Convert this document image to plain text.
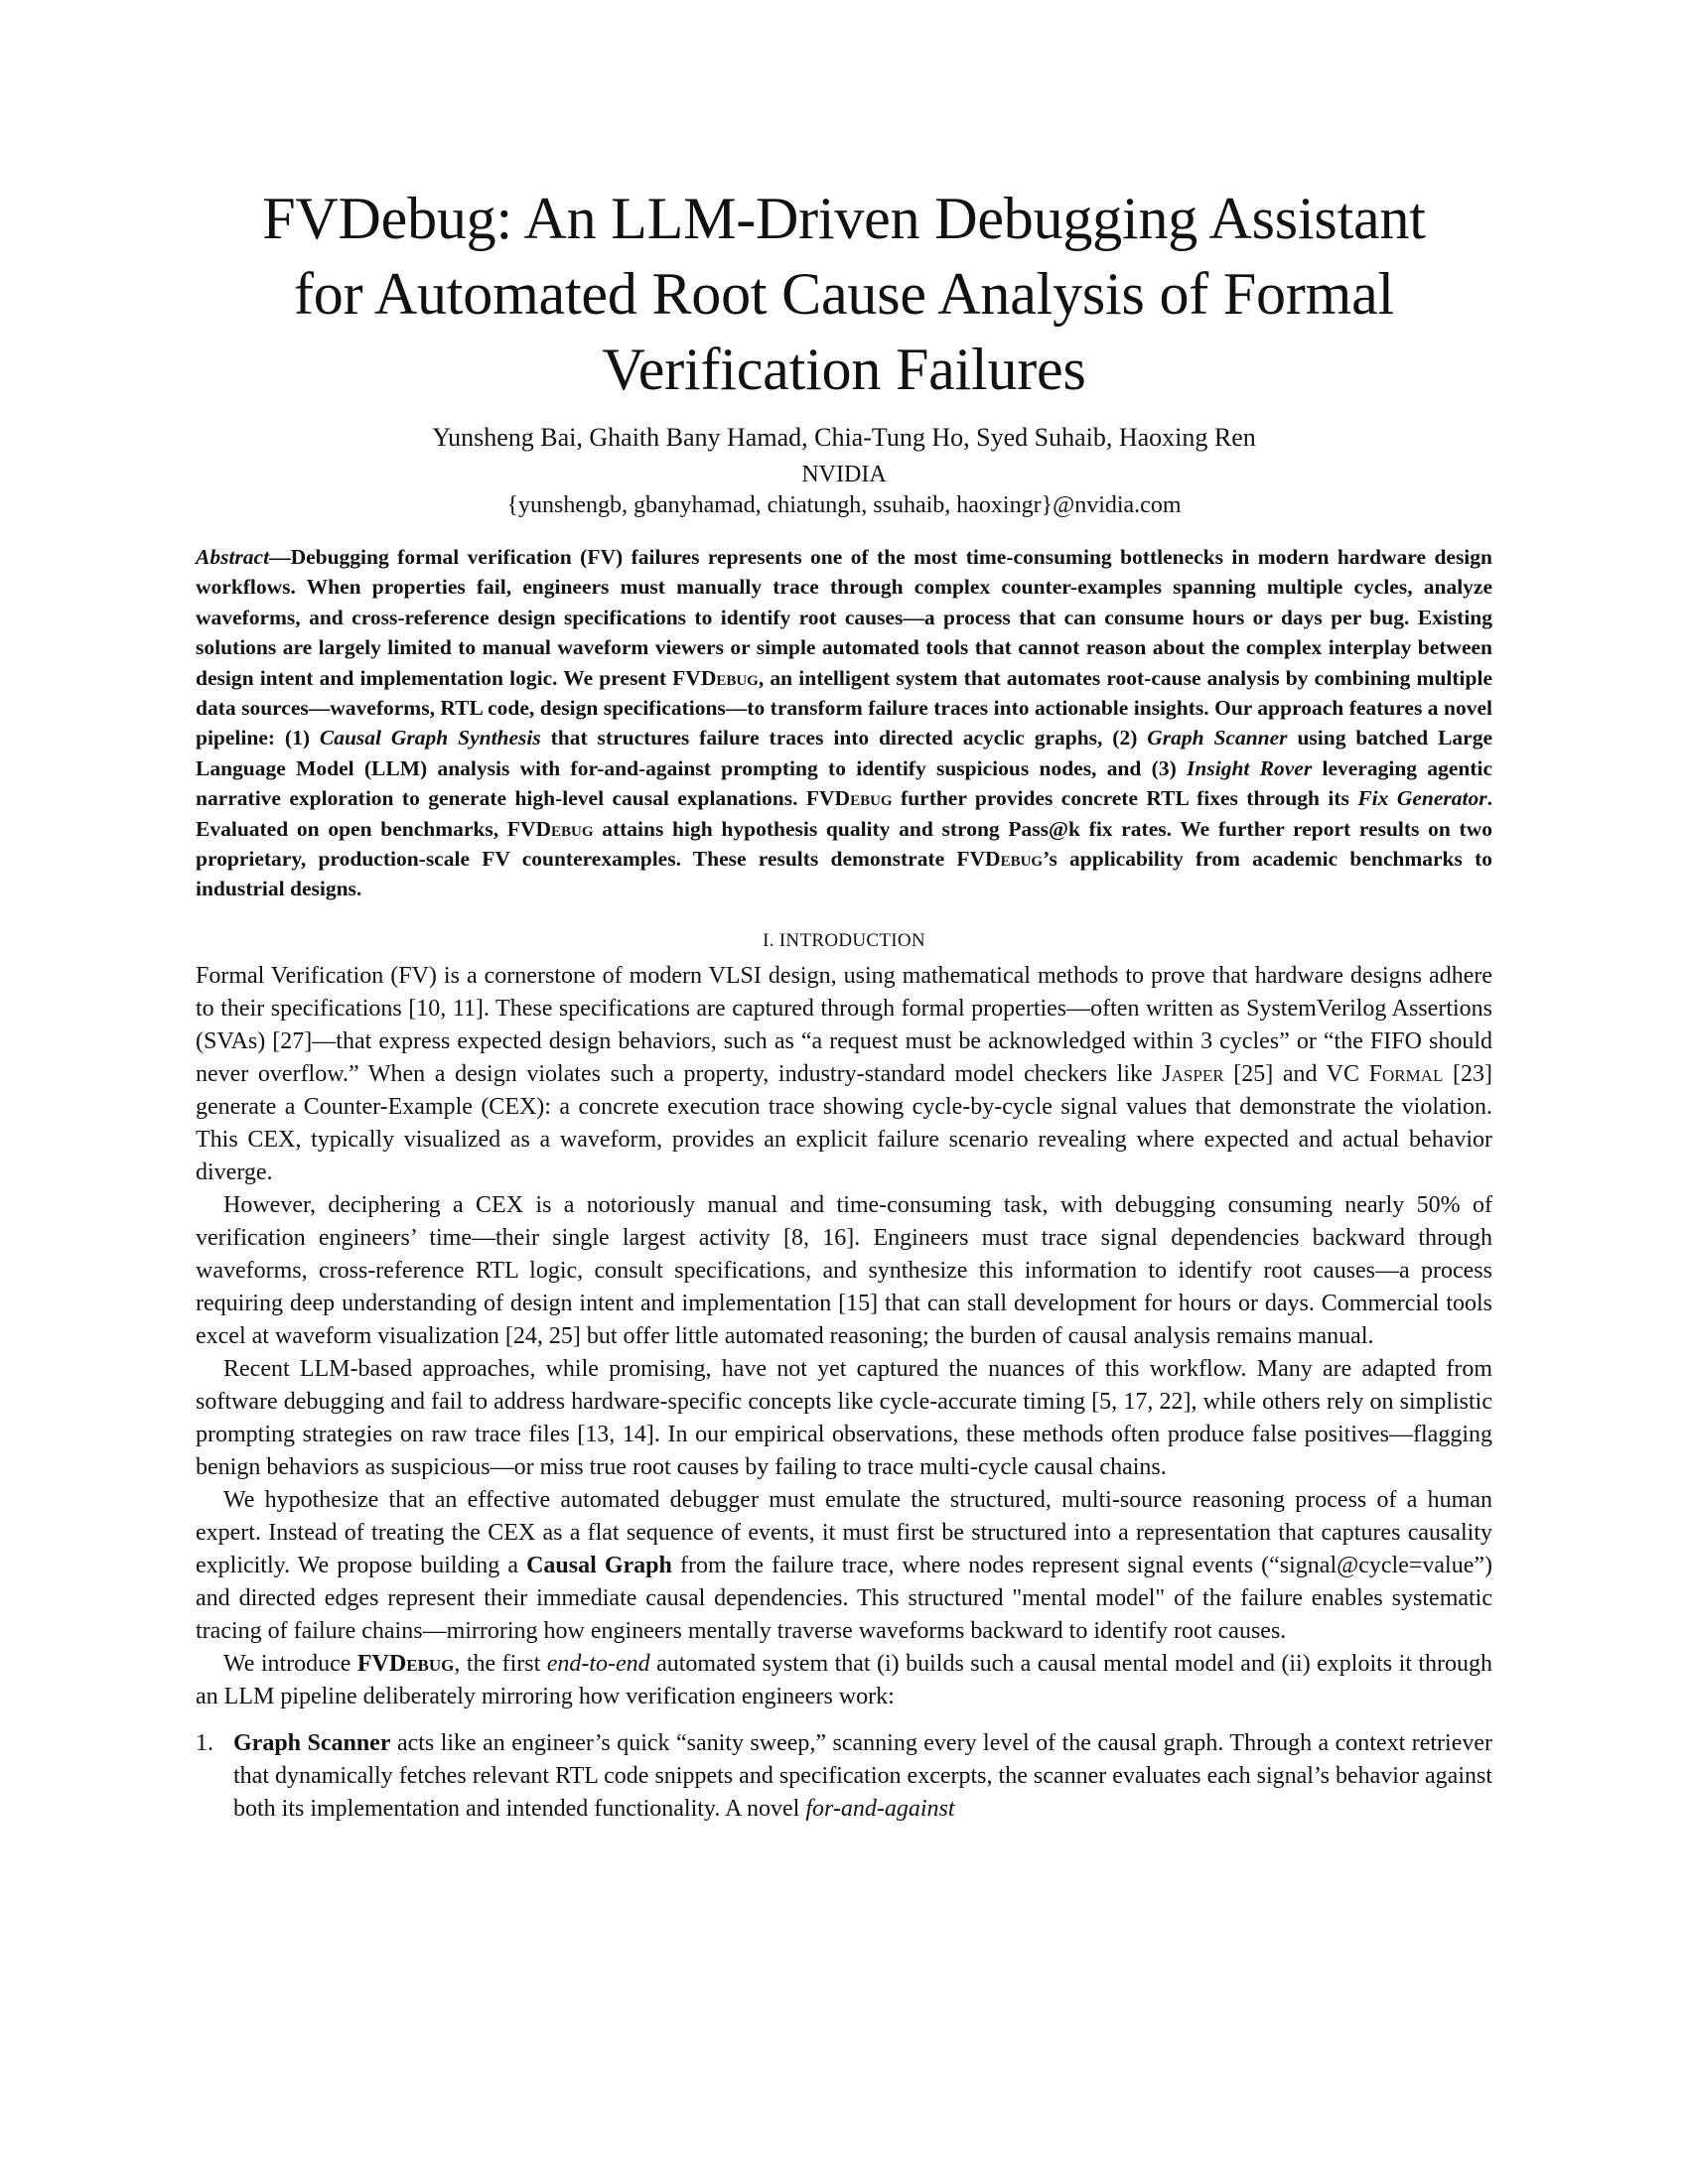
FVDebug: An LLM-Driven Debugging Assistant
for Automated Root Cause Analysis of Formal
Verification Failures
Yunsheng Bai, Ghaith Bany Hamad, Chia-Tung Ho, Syed Suhaib, Haoxing Ren
NVIDIA
{yunshengb, gbanyhamad, chiatungh, ssuhaib, haoxingr}@nvidia.com
Abstract—Debugging formal verification (FV) failures represents one of the most time-consuming bottlenecks in modern hardware design workflows. When properties fail, engineers must manually trace through complex counter-examples spanning multiple cycles, analyze waveforms, and cross-reference design specifications to identify root causes—a process that can consume hours or days per bug. Existing solutions are largely limited to manual waveform viewers or simple automated tools that cannot reason about the complex interplay between design intent and implementation logic. We present FVDebug, an intelligent system that automates root-cause analysis by combining multiple data sources—waveforms, RTL code, design specifications—to transform failure traces into actionable insights. Our approach features a novel pipeline: (1) Causal Graph Synthesis that structures failure traces into directed acyclic graphs, (2) Graph Scanner using batched Large Language Model (LLM) analysis with for-and-against prompting to identify suspicious nodes, and (3) Insight Rover leveraging agentic narrative exploration to generate high-level causal explanations. FVDebug further provides concrete RTL fixes through its Fix Generator. Evaluated on open benchmarks, FVDebug attains high hypothesis quality and strong Pass@k fix rates. We further report results on two proprietary, production-scale FV counterexamples. These results demonstrate FVDebug’s applicability from academic benchmarks to industrial designs.
I. INTRODUCTION

Formal Verification (FV) is a cornerstone of modern VLSI design, using mathematical methods to prove that hardware designs adhere to their specifications [10, 11]. These specifications are captured through formal properties—often written as SystemVerilog Assertions (SVAs) [27]—that express expected design behaviors, such as “a request must be acknowledged within 3 cycles” or “the FIFO should never overflow.” When a design violates such a property, industry-standard model checkers like Jasper [25] and VC Formal [23] generate a Counter-Example (CEX): a concrete execution trace showing cycle-by-cycle signal values that demonstrate the violation. This CEX, typically visualized as a waveform, provides an explicit failure scenario revealing where expected and actual behavior diverge.

However, deciphering a CEX is a notoriously manual and time-consuming task, with debugging consuming nearly 50% of verification engineers’ time—their single largest activity [8, 16]. Engineers must trace signal dependencies backward through waveforms, cross-reference RTL logic, consult specifications, and synthesize this information to identify root causes—a process requiring deep understanding of design intent and implementation [15] that can stall development for hours or days. Commercial tools excel at waveform visualization [24, 25] but offer little automated reasoning; the burden of causal analysis remains manual.

Recent LLM-based approaches, while promising, have not yet captured the nuances of this workflow. Many are adapted from software debugging and fail to address hardware-specific concepts like cycle-accurate timing [5, 17, 22], while others rely on simplistic prompting strategies on raw trace files [13, 14]. In our empirical observations, these methods often produce false positives—flagging benign behaviors as suspicious—or miss true root causes by failing to trace multi-cycle causal chains.

We hypothesize that an effective automated debugger must emulate the structured, multi-source reasoning process of a human expert. Instead of treating the CEX as a flat sequence of events, it must first be structured into a representation that captures causality explicitly. We propose building a Causal Graph from the failure trace, where nodes represent signal events (“signal@cycle=value”) and directed edges represent their immediate causal dependencies. This structured "mental model" of the failure enables systematic tracing of failure chains—mirroring how engineers mentally traverse waveforms backward to identify root causes.

We introduce FVDebug, the first end-to-end automated system that (i) builds such a causal mental model and (ii) exploits it through an LLM pipeline deliberately mirroring how verification engineers work:

1. Graph Scanner acts like an engineer’s quick “sanity sweep,” scanning every level of the causal graph. Through a context retriever that dynamically fetches relevant RTL code snippets and specification excerpts, the scanner evaluates each signal’s behavior against both its implementation and intended functionality. A novel for-and-against
